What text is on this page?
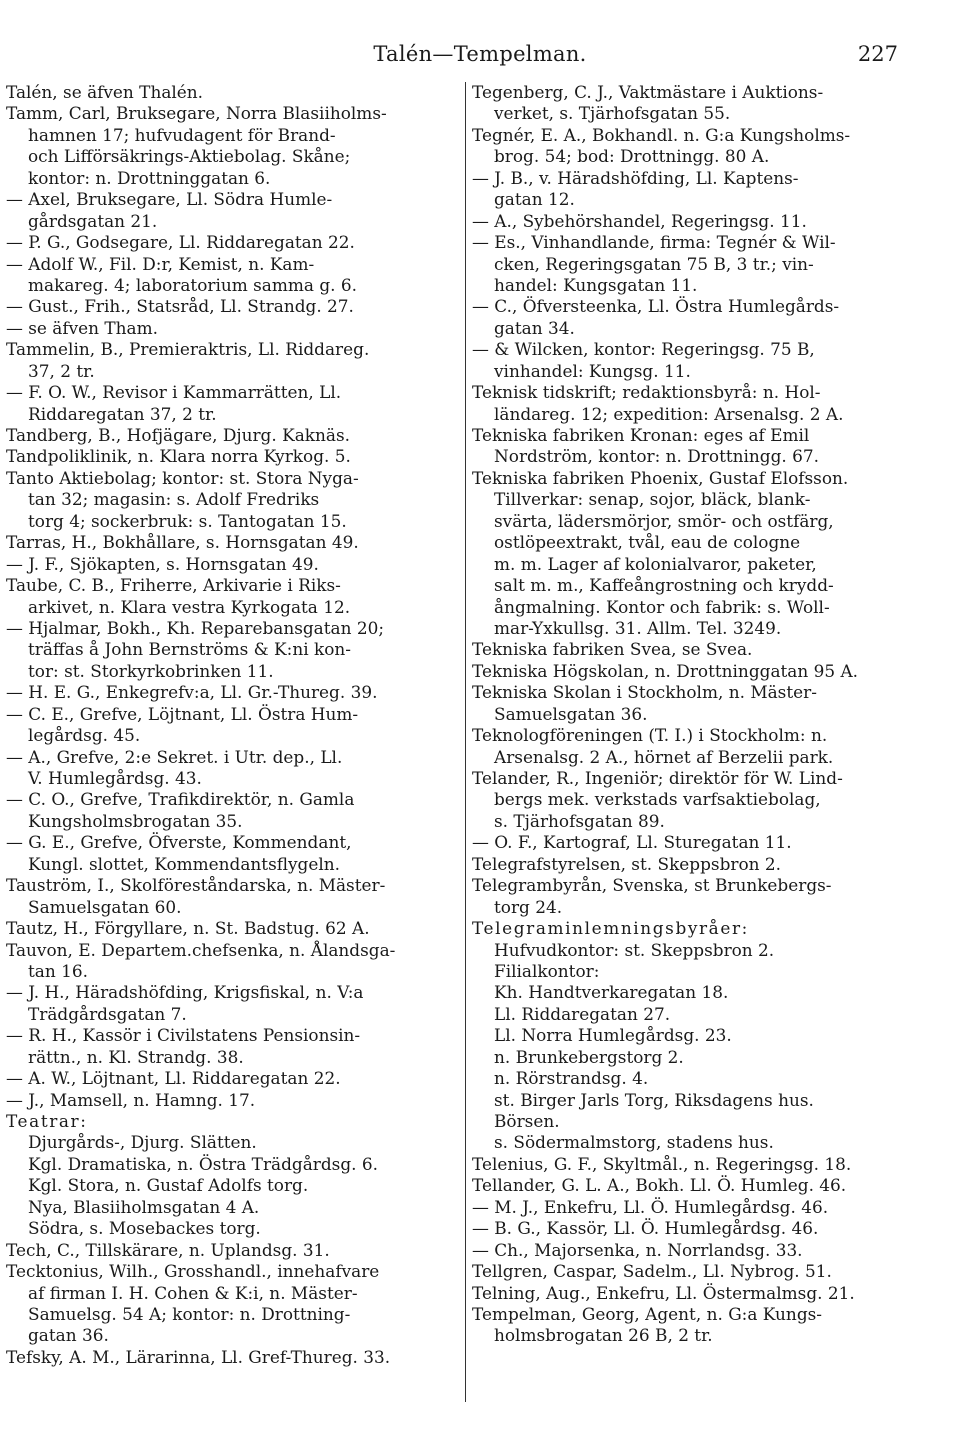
Talén—Tempelman.	227
Talén, se äfven Thalén.
Tamm, Carl, Bruksegare, Norra Blasiiholms-
hamnen 17; hufvudagent för Brand-
och Lifförsäkrings-Aktiebolag. Skåne;
kontor: n. Drottninggatan 6.
— Axel, Bruksegare, Ll. Södra Humle-
gårdsgatan 21.
— P. G., Godsegare, Ll. Riddaregatan 22.
— Adolf W., Fil. D:r, Kemist, n. Kam-
makareg. 4; laboratorium samma g. 6.
— Gust., Frih., Statsråd, Ll. Strandg. 27.
— se äfven Tham.
Tammelin, B., Premieraktris, Ll. Riddareg.
37, 2 tr.
— F. O. W., Revisor i Kammarrätten, Ll.
Riddaregatan 37, 2 tr.
Tandberg, B., Hofjägare, Djurg. Kaknäs.
Tandpoliklinik, n. Klara norra Kyrkog. 5.
Tanto Aktiebolag; kontor: st. Stora Nyga-
tan 32; magasin: s. Adolf Fredriks
torg 4; sockerbruk: s. Tantogatan 15.
Tarras, H., Bokhållare, s. Hornsgatan 49.
— J. F., Sjökapten, s. Hornsgatan 49.
Taube, C. B., Friherre, Arkivarie i Riks-
arkivet, n. Klara vestra Kyrkogata 12.
— Hjalmar, Bokh., Kh. Reparebansgatan 20;
träffas å John Bernströms & K:ni kon-
tor: st. Storkyrkobrinken 11.
— H. E. G., Enkegrefv:a, Ll. Gr.-Thureg. 39.
— C. E., Grefve, Löjtnant, Ll. Östra Hum-
legårdsg. 45.
— A., Grefve, 2:e Sekret. i Utr. dep., Ll.
V. Humlegårdsg. 43.
— C. O., Grefve, Trafikdirektör, n. Gamla
Kungsholmsbrogatan 35.
— G. E., Grefve, Öfverste, Kommendant,
Kungl. slottet, Kommendantsflygeln.
Tauström, I., Skolföreståndarska, n. Mäster-
Samuelsgatan 60.
Tautz, H., Förgyllare, n. St. Badstug. 62 A.
Tauvon, E. Departem.chefsenka, n. Ålandsga-
tan 16.
— J. H., Häradshöfding, Krigsfiskal, n. V:a
Trädgårdsgatan 7.
— R. H., Kassör i Civilstatens Pensionsin-
rättn., n. Kl. Strandg. 38.
— A. W., Löjtnant, Ll. Riddaregatan 22.
— J., Mamsell, n. Hamng. 17.
Teatrar:
Djurgårds-, Djurg. Slätten.
Kgl. Dramatiska, n. Östra Trädgårdsg. 6.
Kgl. Stora, n. Gustaf Adolfs torg.
Nya, Blasiiholmsgatan 4 A.
Södra, s. Mosebackes torg.
Tech, C., Tillskärare, n. Uplandsg. 31.
Tecktonius, Wilh., Grosshandl., innehafvare
af firman I. H. Cohen & K:i, n. Mäster-
Samuelsg. 54 A; kontor: n. Drottning-
gatan 36.
Tefsky, A. M., Lärarinna, Ll. Gref-Thureg. 33.
Tegenberg, C. J., Vaktmästare i Auktions-
verket, s. Tjärhofsgatan 55.
Tegnér, E. A., Bokhandl. n. G:a Kungsholms-
brog. 54; bod: Drottningg. 80 A.
— J. B., v. Häradshöfding, Ll. Kaptens-
gatan 12.
— A., Sybehörshandel, Regeringsg. 11.
— Es., Vinhandlande, firma: Tegnér & Wil-
cken, Regeringsgatan 75 B, 3 tr.; vin-
handel: Kungsgatan 11.
— C., Öfversteenka, Ll. Östra Humlegårds-
gatan 34.
— & Wilcken, kontor: Regeringsg. 75 B,
vinhandel: Kungsg. 11.
Teknisk tidskrift; redaktionsbyrå: n. Hol-
ländareg. 12; expedition: Arsenalsg. 2 A.
Tekniska fabriken Kronan: eges af Emil
Nordström, kontor: n. Drottningg. 67.
Tekniska fabriken Phoenix, Gustaf Elofsson.
Tillverkar: senap, sojor, bläck, blank-
svärta, lädersmörjor, smör- och ostfärg,
ostlöpeextrakt, tvål, eau de cologne
m. m. Lager af kolonialvaror, paketer,
salt m. m., Kaffeångrostning och krydd-
ångmalning. Kontor och fabrik: s. Woll-
mar-Yxkullsg. 31. Allm. Tel. 3249.
Tekniska fabriken Svea, se Svea.
Tekniska Högskolan, n. Drottninggatan 95 A.
Tekniska Skolan i Stockholm, n. Mäster-
Samuelsgatan 36.
Teknologföreningen (T. I.) i Stockholm: n.
Arsenalsg. 2 A., hörnet af Berzelii park.
Telander, R., Ingeniör; direktör för W. Lind-
bergs mek. verkstads varfsaktiebolag,
s. Tjärhofsgatan 89.
— O. F., Kartograf, Ll. Sturegatan 11.
Telegrafstyrelsen, st. Skeppsbron 2.
Telegrambyrån, Svenska, st Brunkebergs-
torg 24.
Telegraminlemningsbyråer:
Hufvudkontor: st. Skeppsbron 2.
Filialkontor:
Kh. Handtverkaregatan 18.
Ll. Riddaregatan 27.
Ll. Norra Humlegårdsg. 23.
n. Brunkebergstorg 2.
n. Rörstrandsg. 4.
st. Birger Jarls Torg, Riksdagens hus.
Börsen.
s. Södermalmstorg, stadens hus.
Telenius, G. F., Skyltmål., n. Regeringsg. 18.
Tellander, G. L. A., Bokh. Ll. Ö. Humleg. 46.
— M. J., Enkefru, Ll. Ö. Humlegårdsg. 46.
— B. G., Kassör, Ll. Ö. Humlegårdsg. 46.
— Ch., Majorsenka, n. Norrlandsg. 33.
Tellgren, Caspar, Sadelm., Ll. Nybrog. 51.
Telning, Aug., Enkefru, Ll. Östermalmsg. 21.
Tempelman, Georg, Agent, n. G:a Kungs-
holmsbrogatan 26 B, 2 tr.
